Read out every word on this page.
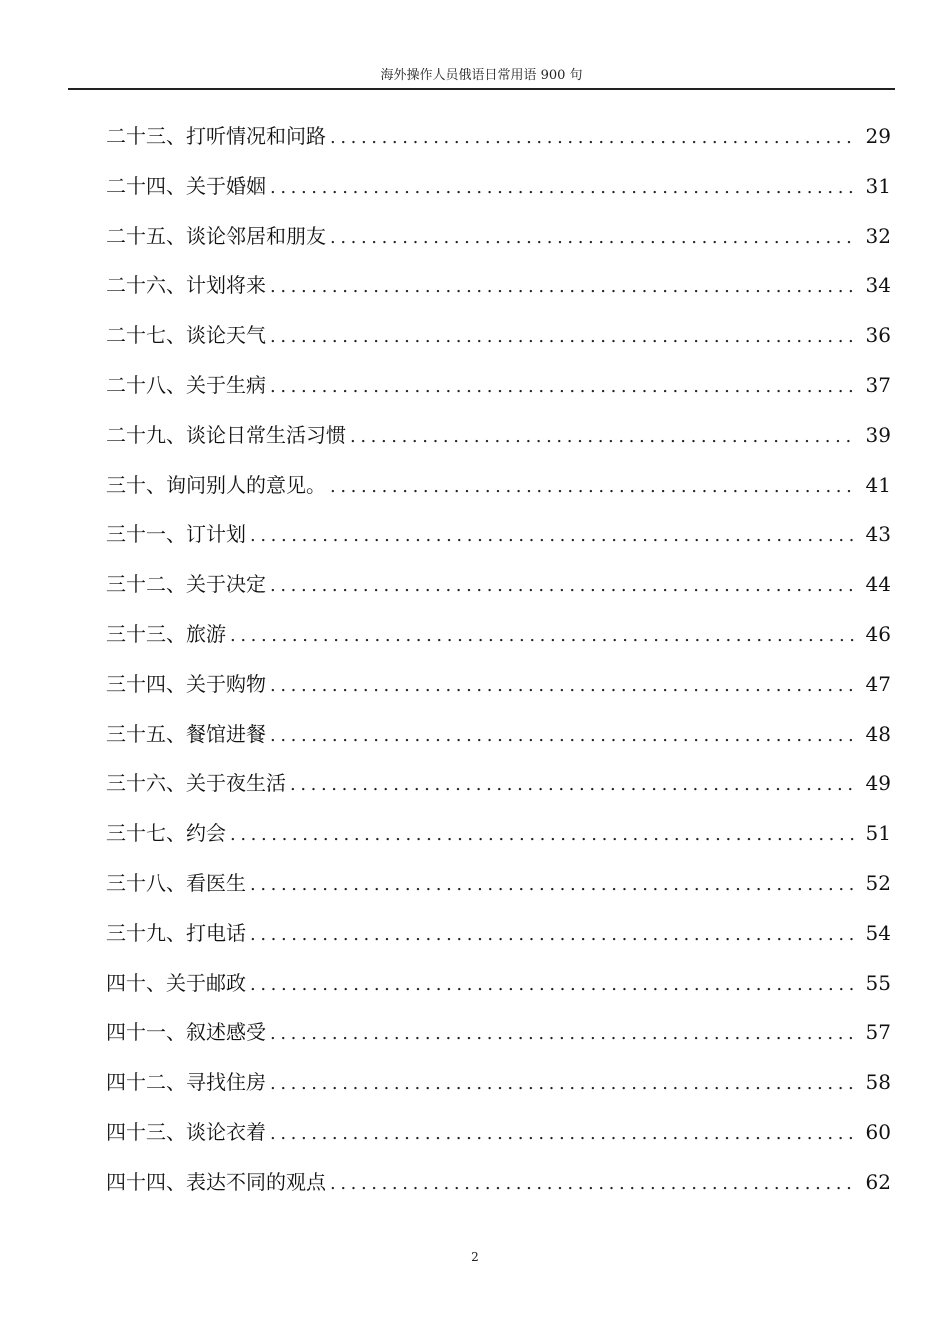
海外操作人员俄语日常用语 900 句
二十三、打听情况和问路 .....	29
二十四、关于婚姻 .....	31
二十五、谈论邻居和朋友 .....	32
二十六、计划将来 .....	34
二十七、谈论天气 .....	36
二十八、关于生病 .....	37
二十九、谈论日常生活习惯 .....	39
三十、询问别人的意见。 .....	41
三十一、订计划 .....	43
三十二、关于决定 .....	44
三十三、旅游 .....	46
三十四、关于购物 .....	47
三十五、餐馆进餐 .....	48
三十六、关于夜生活 .....	49
三十七、约会 .....	51
三十八、看医生 .....	52
三十九、打电话 .....	54
四十、关于邮政 .....	55
四十一、叙述感受 .....	57
四十二、寻找住房 .....	58
四十三、谈论衣着 .....	60
四十四、表达不同的观点 .....	62
2
